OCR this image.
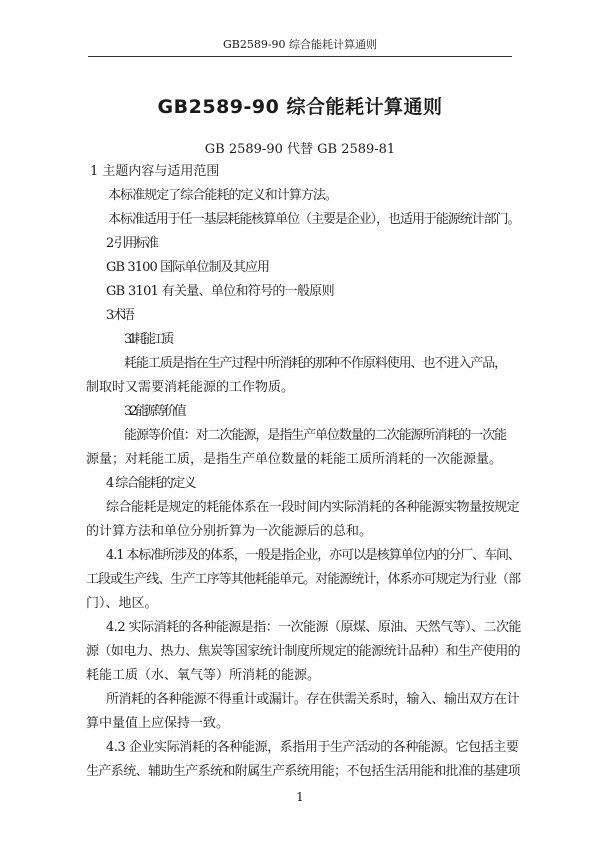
GB2589-90 综合能耗计算通则
GB2589-90 综合能耗计算通则
GB 2589-90 代替 GB 2589-81
1 主题内容与适用范围
本标准规定了综合能耗的定义和计算方法。
本标准适用于任一基层耗能核算单位（主要是企业），也适用于能源统计部门。
2 引用标准
GB 3100 国际单位制及其应用
GB 3101 有关量、单位和符号的一般原则
3 术语
3.1 耗能工质
耗能工质是指在生产过程中所消耗的那种不作原料使用、也不进入产品，
制取时又需要消耗能源的工作物质。
3.2 能源等价值
能源等价值：对二次能源，是指生产单位数量的二次能源所消耗的一次能
源量；对耗能工质，是指生产单位数量的耗能工质所消耗的一次能源量。
4 综合能耗的定义
综合能耗是规定的耗能体系在一段时间内实际消耗的各种能源实物量按规定
的计算方法和单位分别折算为一次能源后的总和。
4.1 本标准所涉及的体系，一般是指企业，亦可以是核算单位内的分厂、车间、
工段或生产线、生产工序等其他耗能单元。对能源统计，体系亦可规定为行业（部
门）、地区。
4.2 实际消耗的各种能源是指：一次能源（原煤、原油、天然气等）、二次能
源（如电力、热力、焦炭等国家统计制度所规定的能源统计品种）和生产使用的
耗能工质（水、氧气等）所消耗的能源。
所消耗的各种能源不得重计或漏计。存在供需关系时，输入、输出双方在计
算中量值上应保持一致。
4.3 企业实际消耗的各种能源，系指用于生产活动的各种能源。它包括主要
生产系统、辅助生产系统和附属生产系统用能；不包括生活用能和批准的基建项
1
